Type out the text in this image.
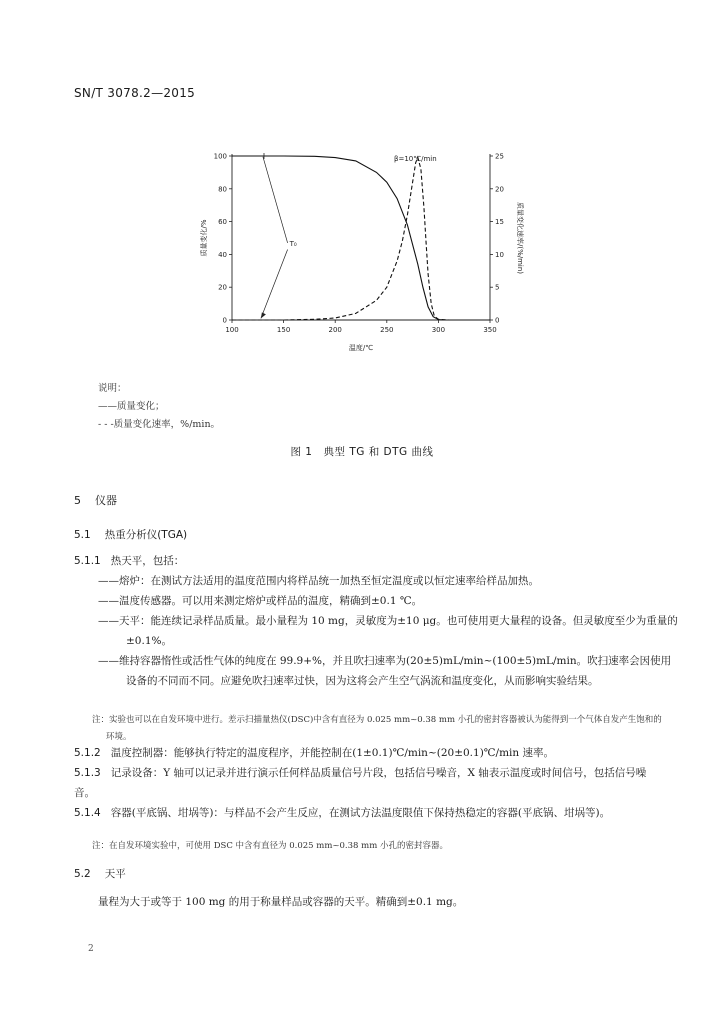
SN/T 3078.2—2015
100	150	200	250	300	350
0
20
40
60
80
100
0
5
10
15
20
25
温度/℃
质量变化/%	质量变化速率/(%/min)
β=10℃/min
T₀
说明：
——质量变化；
- - -质量变化速率，%/min。
图 1　典型 TG 和 DTG 曲线
5 仪器
5.1 热重分析仪(TGA)
5.1.1 热天平，包括：
——熔炉：在测试方法适用的温度范围内将样品统一加热至恒定温度或以恒定速率给样品加热。
——温度传感器。可以用来测定熔炉或样品的温度，精确到±0.1 ℃。
——天平：能连续记录样品质量。最小量程为 10 mg，灵敏度为±10 μg。也可使用更大量程的设备。但灵敏度至少为重量的±0.1%。
——维持容器惰性或活性气体的纯度在 99.9+%，并且吹扫速率为(20±5)mL/min~(100±5)mL/min。吹扫速率会因使用设备的不同而不同。应避免吹扫速率过快，因为这将会产生空气涡流和温度变化，从而影响实验结果。
注：实验也可以在自发环境中进行。差示扫描量热仪(DSC)中含有直径为 0.025 mm~0.38 mm 小孔的密封容器被认为能得到一个气体自发产生饱和的环境。
5.1.2 温度控制器：能够执行特定的温度程序，并能控制在(1±0.1)℃/min~(20±0.1)℃/min 速率。
5.1.3 记录设备：Y 轴可以记录并进行演示任何样品质量信号片段，包括信号噪音，X 轴表示温度或时间信号，包括信号噪音。
5.1.4 容器(平底锅、坩埚等)：与样品不会产生反应，在测试方法温度限值下保持热稳定的容器(平底锅、坩埚等)。
注：在自发环境实验中，可使用 DSC 中含有直径为 0.025 mm~0.38 mm 小孔的密封容器。
5.2 天平
量程为大于或等于 100 mg 的用于称量样品或容器的天平。精确到±0.1 mg。
2
